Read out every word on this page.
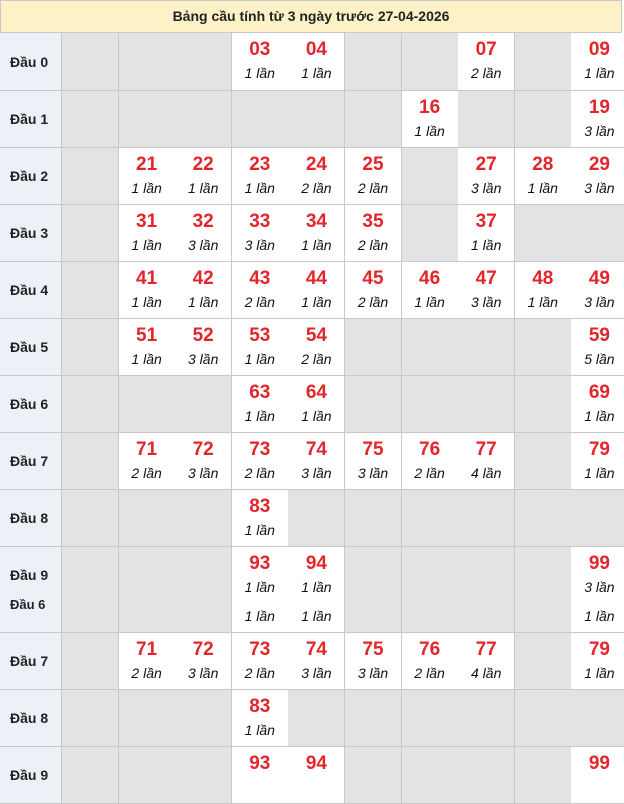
Bảng cầu tính từ 3 ngày trước 27-04-2026
Đầu 0
03
1 lần
04
1 lần
07
2 lần
09
1 lần
Đầu 1
16
1 lần
19
3 lần
Đầu 2
21
1 lần
22
1 lần
23
1 lần
24
2 lần
25
2 lần
27
3 lần
28
1 lần
29
3 lần
Đầu 3
31
1 lần
32
3 lần
33
3 lần
34
1 lần
35
2 lần
37
1 lần
Đầu 4
41
1 lần
42
1 lần
43
2 lần
44
1 lần
45
2 lần
46
1 lần
47
3 lần
48
1 lần
49
3 lần
Đầu 5
51
1 lần
52
3 lần
53
1 lần
54
2 lần
59
5 lần
Đầu 6
63
1 lần
64
1 lần
69
1 lần
Đầu 7
71
2 lần
72
3 lần
73
2 lần
74
3 lần
75
3 lần
76
2 lần
77
4 lần
79
1 lần
Đầu 8
83
1 lần
Đầu 9
Đầu 6
93
1 lần
1 lần
94
1 lần
1 lần
99
3 lần
1 lần
Đầu 7
71
2 lần
72
3 lần
73
2 lần
74
3 lần
75
3 lần
76
2 lần
77
4 lần
79
1 lần
Đầu 8
83
1 lần
Đầu 9
93	94	99
